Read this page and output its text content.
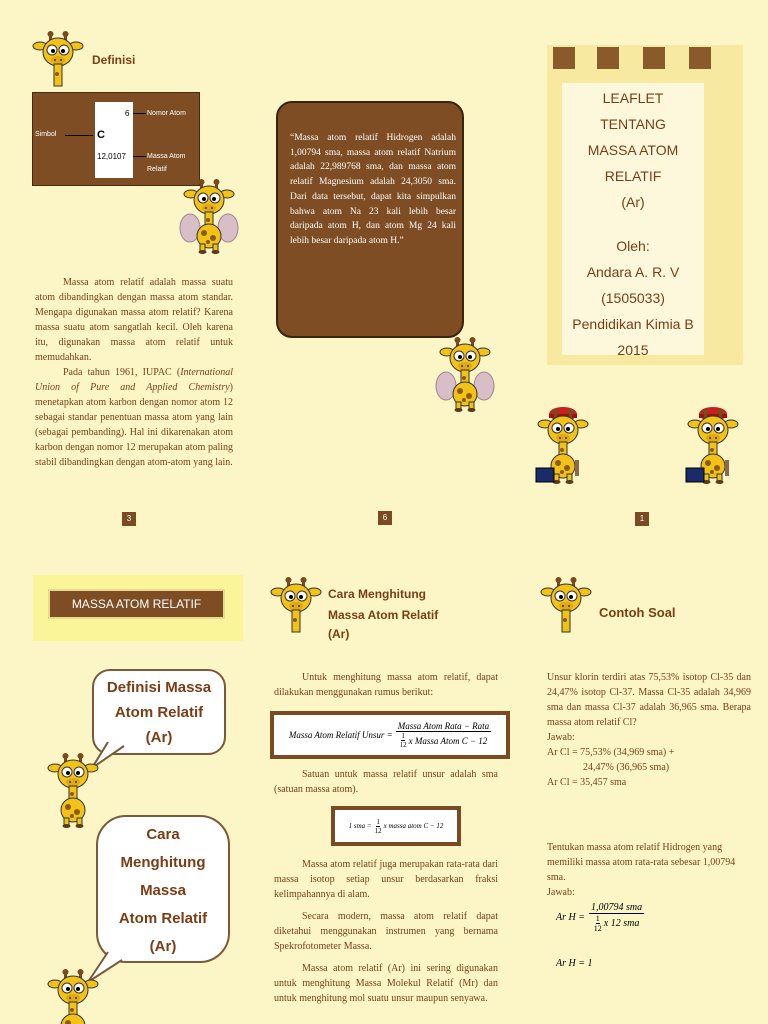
Definisi
6
C
12,0107
Simbol
Nomor Atom
Massa Atom Relatif

Massa atom relatif adalah massa suatu atom dibandingkan dengan massa atom standar. Mengapa digunakan massa atom relatif? Karena massa suatu atom sangatlah kecil. Oleh karena itu, digunakan massa atom relatif untuk memudahkan.

Pada tahun 1961, IUPAC (International Union of Pure and Applied Chemistry) menetapkan atom karbon dengan nomor atom 12 sebagai standar penentuan massa atom yang lain (sebagai pembanding). Hal ini dikarenakan atom karbon dengan nomor 12 merupakan atom paling stabil dibandingkan dengan atom-atom yang lain.

3
“Massa atom relatif Hidrogen adalah 1,00794 sma, massa atom relatif Natrium adalah 22,989768 sma, dan massa atom relatif Magnesium adalah 24,3050 sma. Dari data tersebut, dapat kita simpulkan bahwa atom Na 23 kali lebih besar daripada atom H, dan atom Mg 24 kali lebih besar daripada atom H.”
6
LEAFLET
TENTANG
MASSA ATOM
RELATIF
(Ar)
Oleh:
Andara A. R. V
(1505033)
Pendidikan Kimia B
2015
1
MASSA ATOM RELATIF
Definisi Massa Atom Relatif (Ar)
Cara
Menghitung
Massa
Atom Relatif
(Ar)
Cara Menghitung
Massa Atom Relatif
(Ar)

Untuk menghitung massa atom relatif, dapat dilakukan menggunakan rumus berikut:

Massa Atom Relatif Unsur =
Massa Atom Rata − Rata
1
12 x Massa Atom C − 12

Satuan untuk massa relatif unsur adalah sma (satuan massa atom).

1 sma = $\frac{1}{12}$ x massa atom C − 12

Massa atom relatif juga merupakan rata-rata dari massa isotop setiap unsur berdasarkan fraksi kelimpahannya di alam.

Secara modern, massa atom relatif dapat diketahui menggunakan instrumen yang bernama Spekrofotometer Massa.

Massa atom relatif (Ar) ini sering digunakan untuk menghitung Massa Molekul Relatif (Mr) dan untuk menghitung mol suatu unsur maupun senyawa.

Contoh Soal
Unsur klorin terdiri atas 75,53% isotop Cl-35 dan 24,47% isotop Cl-37. Massa Cl-35 adalah 34,969 sma dan massa Cl-37 adalah 36,965 sma. Berapa massa atom relatif Cl?
Jawab:
Ar Cl = 75,53% (34,969 sma) +
24,47% (36,965 sma)
Ar Cl = 35,457 sma
Tentukan massa atom relatif Hidrogen yang memiliki massa atom rata-rata sebesar 1,00794 sma.
Jawab:
Ar H =
1,00794 sma
1
12 x 12 sma
Ar H = 1
